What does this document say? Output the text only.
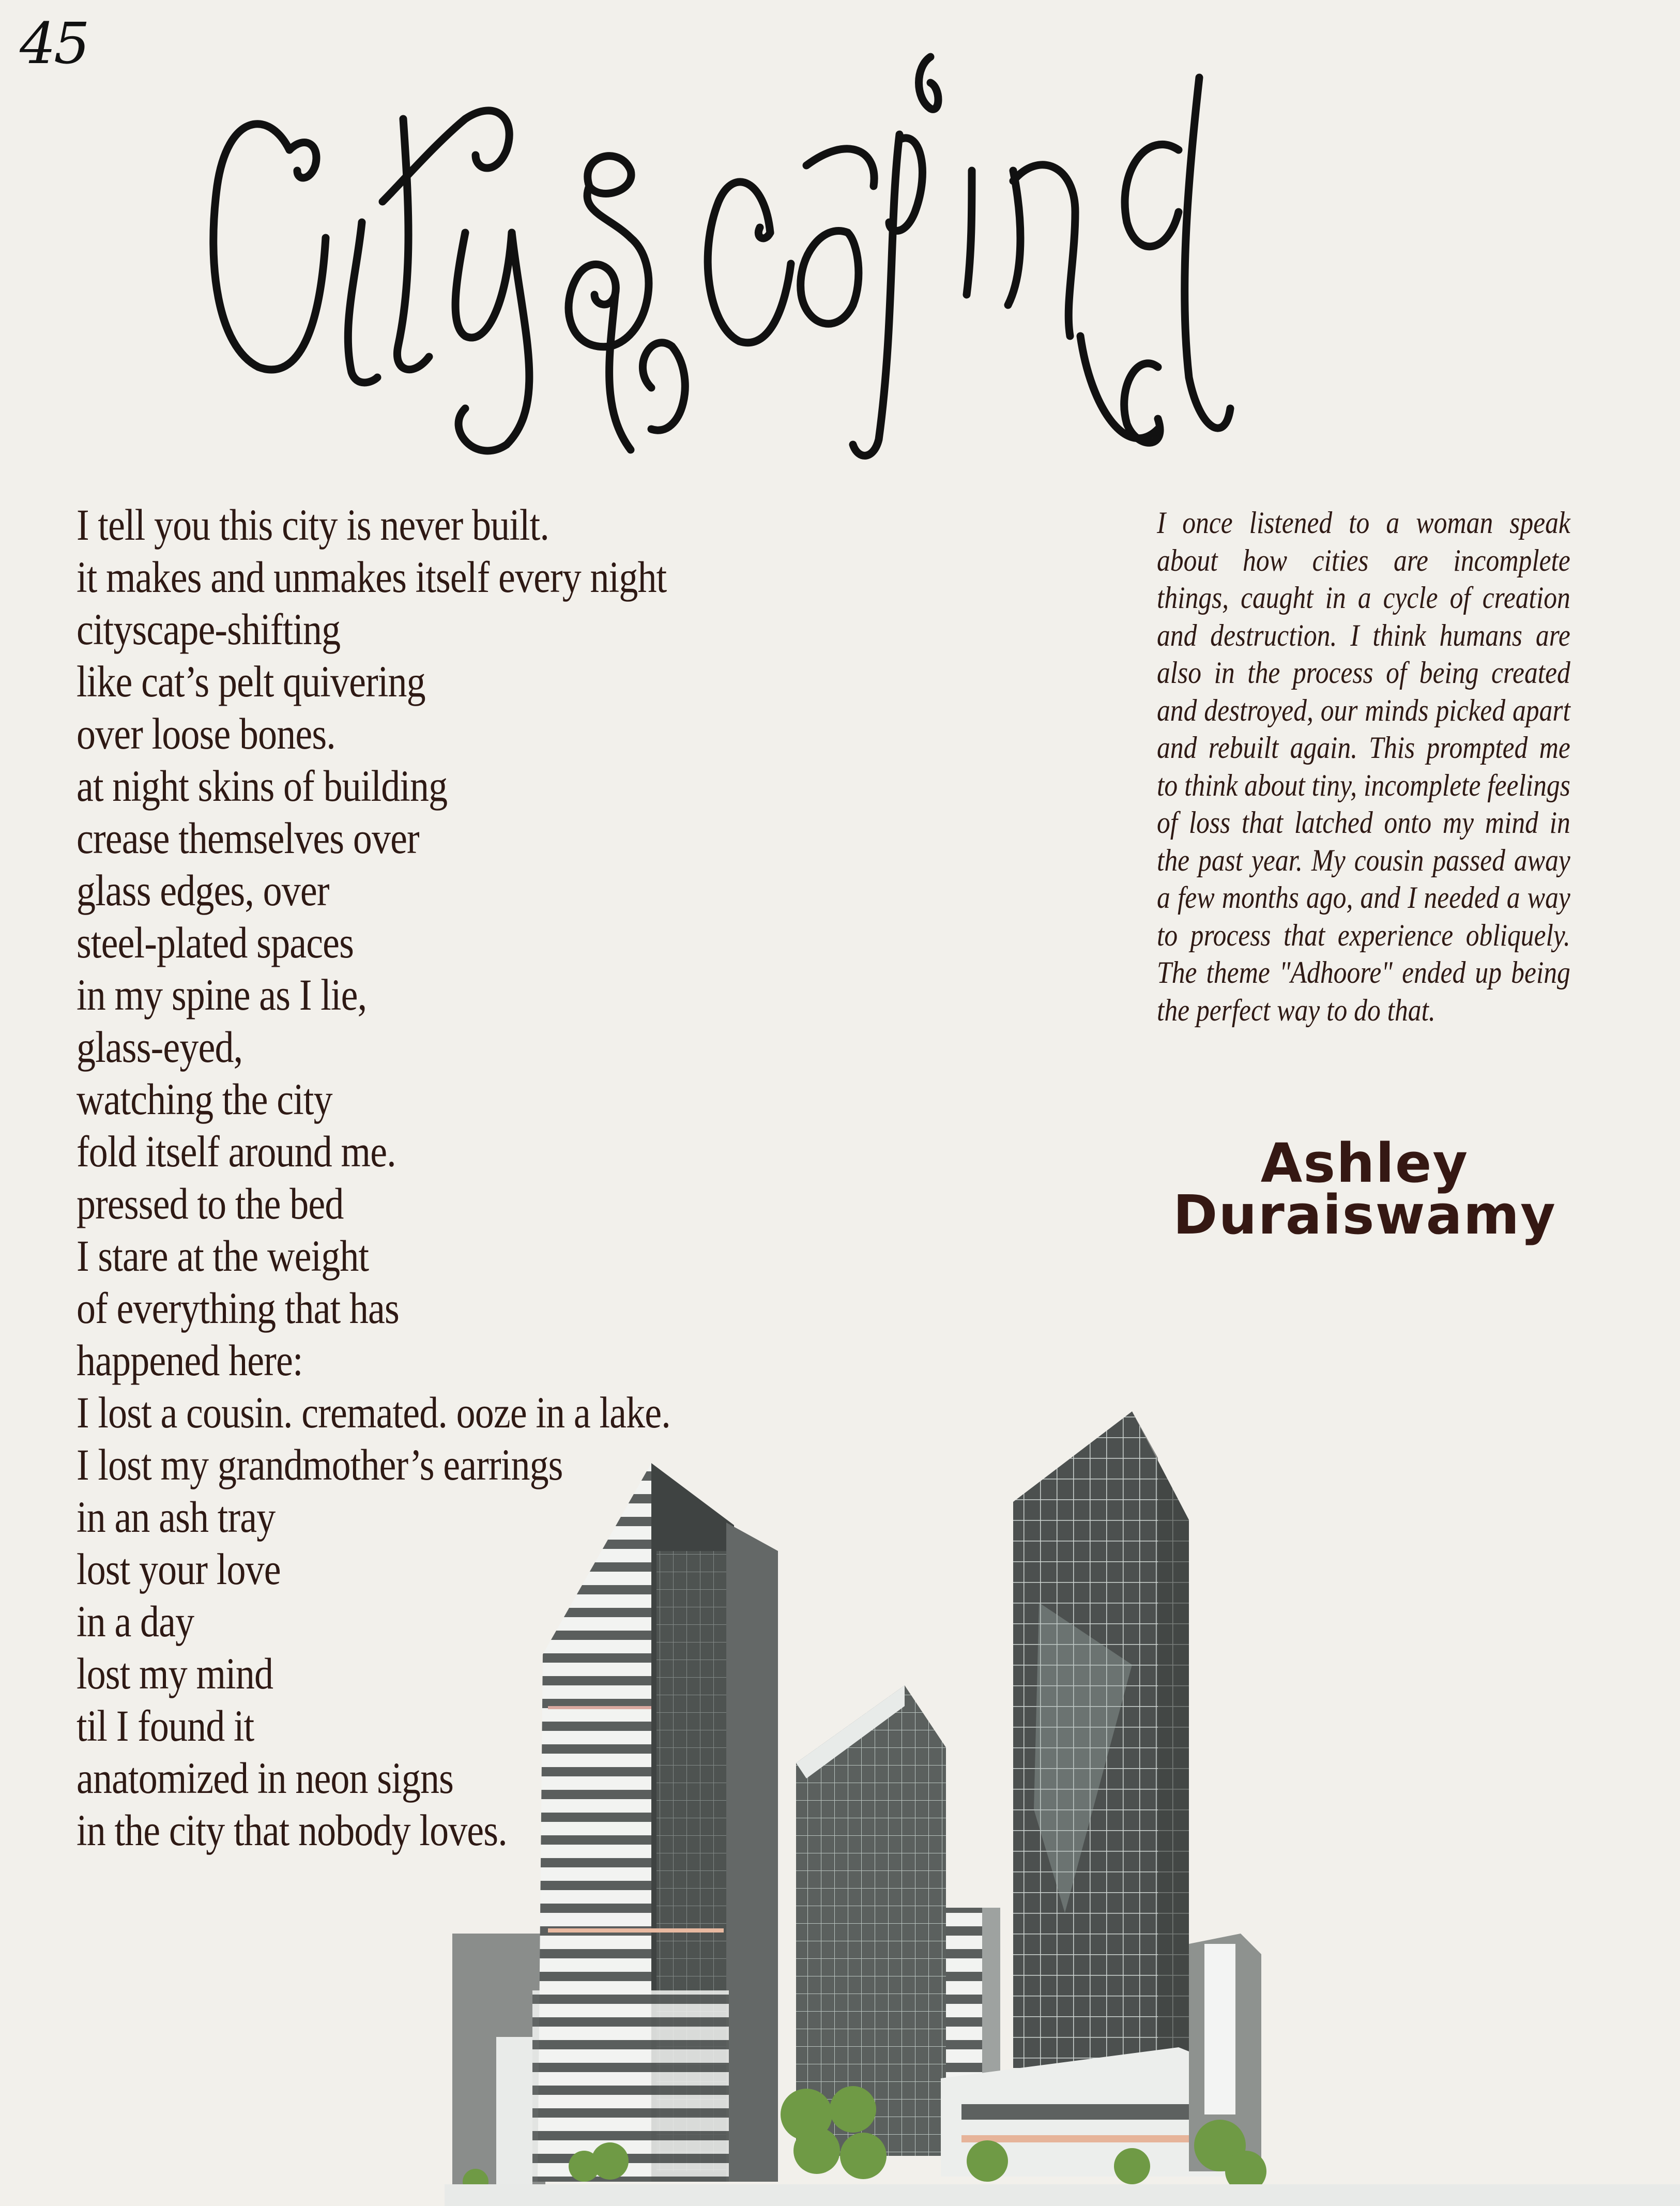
45
I tell you this city is never built.
it makes and unmakes itself every night
cityscape-shifting
like cat’s pelt quivering
over loose bones.
at night skins of building
crease themselves over
glass edges, over
steel-plated spaces
in my spine as I lie,
glass-eyed,
watching the city
fold itself around me.
pressed to the bed
I stare at the weight
of everything that has
happened here:
I lost a cousin. cremated. ooze in a lake.
I lost my grandmother’s earrings
in an ash tray
lost your love
in a day
lost my mind
til I found it
anatomized in neon signs
in the city that nobody loves.
I once listened to a woman speak about how cities are incomplete things, caught in a cycle of creation and destruction. I think humans are also in the process of being created and destroyed, our minds picked apart and rebuilt again. This prompted me to think about tiny, incomplete feelings of loss that latched onto my mind in the past year. My cousin passed away a few months ago, and I needed a way to process that experience obliquely. The theme "Adhoore" ended up being the perfect way to do that.
Ashley
Duraiswamy
